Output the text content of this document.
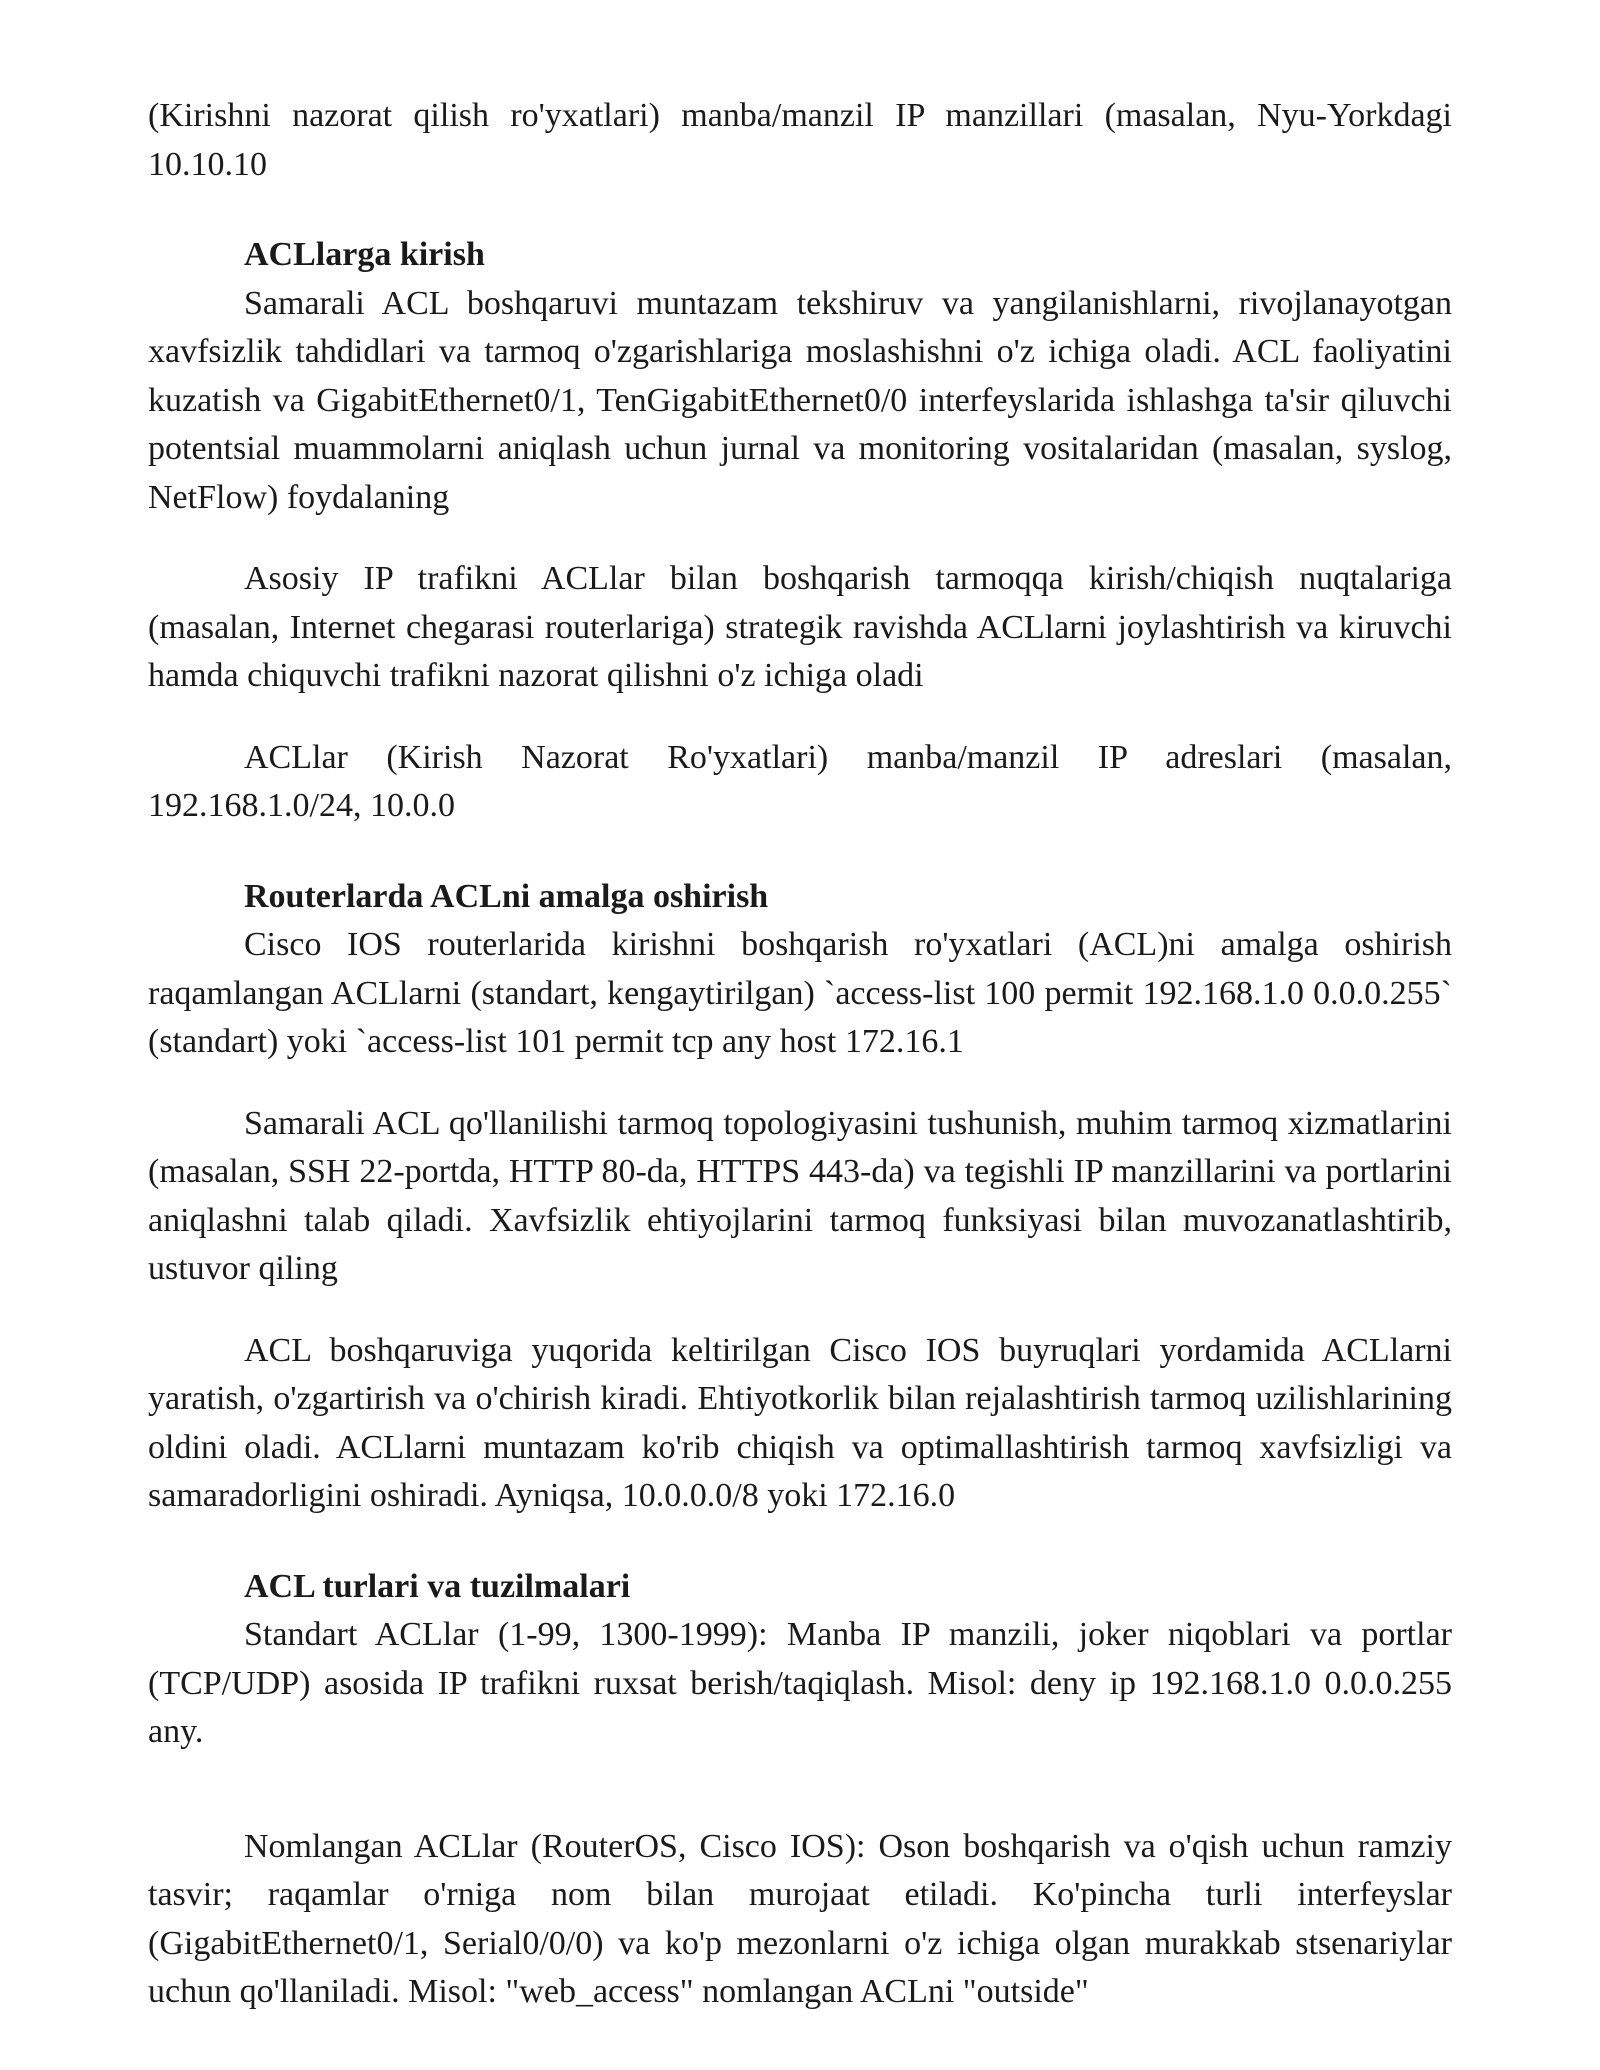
(Kirishni nazorat qilish ro'yxatlari) manba/manzil IP manzillari (masalan, Nyu-Yorkdagi 10.10.10

ACLlarga kirish

Samarali ACL boshqaruvi muntazam tekshiruv va yangilanishlarni, rivojlanayotgan xavfsizlik tahdidlari va tarmoq o'zgarishlariga moslashishni o'z ichiga oladi. ACL faoliyatini kuzatish va GigabitEthernet0/1, TenGigabitEthernet0/0 interfeyslarida ishlashga ta'sir qiluvchi potentsial muammolarni aniqlash uchun jurnal va monitoring vositalaridan (masalan, syslog, NetFlow) foydalaning

Asosiy IP trafikni ACLlar bilan boshqarish tarmoqqa kirish/chiqish nuqtalariga (masalan, Internet chegarasi routerlariga) strategik ravishda ACLlarni joylashtirish va kiruvchi hamda chiquvchi trafikni nazorat qilishni o'z ichiga oladi

ACLlar (Kirish Nazorat Ro'yxatlari) manba/manzil IP adreslari (masalan, 192.168.1.0/24, 10.0.0

Routerlarda ACLni amalga oshirish

Cisco IOS routerlarida kirishni boshqarish ro'yxatlari (ACL)ni amalga oshirish raqamlangan ACLlarni (standart, kengaytirilgan) `access-list 100 permit 192.168.1.0 0.0.0.255` (standart) yoki `access-list 101 permit tcp any host 172.16.1

Samarali ACL qo'llanilishi tarmoq topologiyasini tushunish, muhim tarmoq xizmatlarini (masalan, SSH 22-portda, HTTP 80-da, HTTPS 443-da) va tegishli IP manzillarini va portlarini aniqlashni talab qiladi. Xavfsizlik ehtiyojlarini tarmoq funksiyasi bilan muvozanatlashtirib, ustuvor qiling

ACL boshqaruviga yuqorida keltirilgan Cisco IOS buyruqlari yordamida ACLlarni yaratish, o'zgartirish va o'chirish kiradi. Ehtiyotkorlik bilan rejalashtirish tarmoq uzilishlarining oldini oladi. ACLlarni muntazam ko'rib chiqish va optimallashtirish tarmoq xavfsizligi va samaradorligini oshiradi. Ayniqsa, 10.0.0.0/8 yoki 172.16.0

ACL turlari va tuzilmalari

Standart ACLlar (1-99, 1300-1999): Manba IP manzili, joker niqoblari va portlar (TCP/UDP) asosida IP trafikni ruxsat berish/taqiqlash. Misol: deny ip 192.168.1.0 0.0.0.255 any.

Nomlangan ACLlar (RouterOS, Cisco IOS): Oson boshqarish va o'qish uchun ramziy tasvir; raqamlar o'rniga nom bilan murojaat etiladi. Ko'pincha turli interfeyslar (GigabitEthernet0/1, Serial0/0/0) va ko'p mezonlarni o'z ichiga olgan murakkab stsenariylar uchun qo'llaniladi. Misol: "web_access" nomlangan ACLni "outside"
